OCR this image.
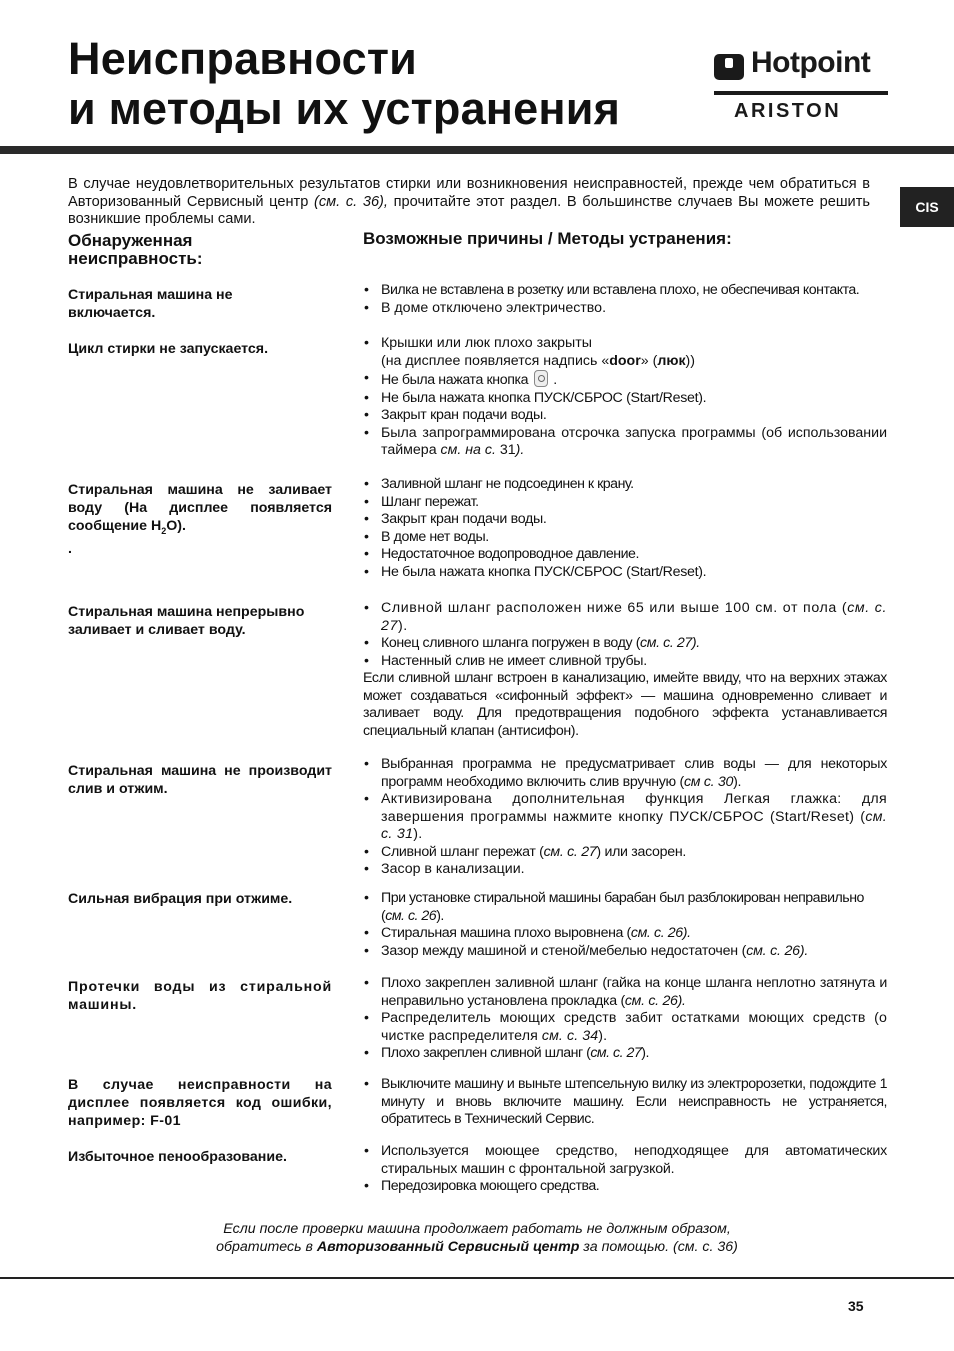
Неисправности
и методы их устранения
Hotpoint
ARISTON
CIS

В случае неудовлетворительных результатов стирки или возникновения неисправностей, прежде чем обратиться в Авторизованный Сервисный центр (см. с. 36), прочитайте этот раздел. В большинстве случаев Вы можете решить возникшие проблемы сами.

Обнаруженная неисправность:
Возможные причины / Методы устранения:

Стиральная машина не включается.

• Вилка не вставлена в розетку или вставлена плохо, не обеспечивая контакта.
• В доме отключено электричество.

Цикл стирки не запускается.	• Крышки или люк плохо закрыты
(на дисплее появляется надпись «door» (люк))
• Не была нажата кнопка .
• Не была нажата кнопка ПУСК/СБРОС (Start/Reset).
• Закрыт кран подачи воды.
• Была запрограммирована отсрочка запуска программы (об использовании таймера см. на с. 31).

Стиральная машина не заливает воду (На дисплее появляется сообщение $H_2O$).
.

• Заливной шланг не подсоединен к крану.
• Шланг пережат.
• Закрыт кран подачи воды.
• В доме нет воды.
• Недостаточное водопроводное давление.
• Не была нажата кнопка ПУСК/СБРОС (Start/Reset).

Стиральная машина непрерывно заливает и сливает воду.

• Сливной шланг расположен ниже 65 или выше 100 см. от пола (см. с. 27).
• Конец сливного шланга погружен в воду (см. с. 27).
• Настенный слив не имеет сливной трубы.

Если сливной шланг встроен в канализацию, имейте ввиду, что на верхних этажах может создаваться «сифонный эффект» — машина одновременно сливает и заливает воду. Для предотвращения подобного эффекта устанавливается специальный клапан (антисифон).

Стиральная машина не производит слив и отжим.

• Выбранная программа не предусматривает слив воды — для некоторых программ необходимо включить слив вручную (см с. 30).
• Активизирована дополнительная функция Легкая глажка: для завершения программы нажмите кнопку ПУСК/СБРОС (Start/Reset) (см. с. 31).
• Сливной шланг пережат (см. с. 27) или засорен.
• Засор в канализации.

Сильная вибрация при отжиме.	• При установке стиральной машины барабан был разблокирован неправильно (см. с. 26).
• Стиральная машина плохо выровнена (см. с. 26).
• Зазор между машиной и стеной/мебелью недостаточен (см. с. 26).

Протечки воды из стиральной машины.

• Плохо закреплен заливной шланг (гайка на конце шланга неплотно затянута и неправильно установлена прокладка (см. с. 26).
• Распределитель моющих средств забит остатками моющих средств (о чистке распределителя см. с. 34).
• Плохо закреплен сливной шланг (см. с. 27).

В случае неисправности на дисплее появляется код ошибки, например: F-01

• Выключите машину и выньте штепсельную вилку из электророзетки, подождите 1 минуту и вновь включите машину. Если неисправность не устраняется, обратитесь в Технический Сервис.

Избыточное пенообразование.	• Используется моющее средство, неподходящее для автоматических стиральных машин с фронтальной загрузкой.
• Передозировка моющего средства.

Если после проверки машина продолжает работать не должным образом,
обратитесь в Авторизованный Сервисный центр за помощью. (см. с. 36)

35
